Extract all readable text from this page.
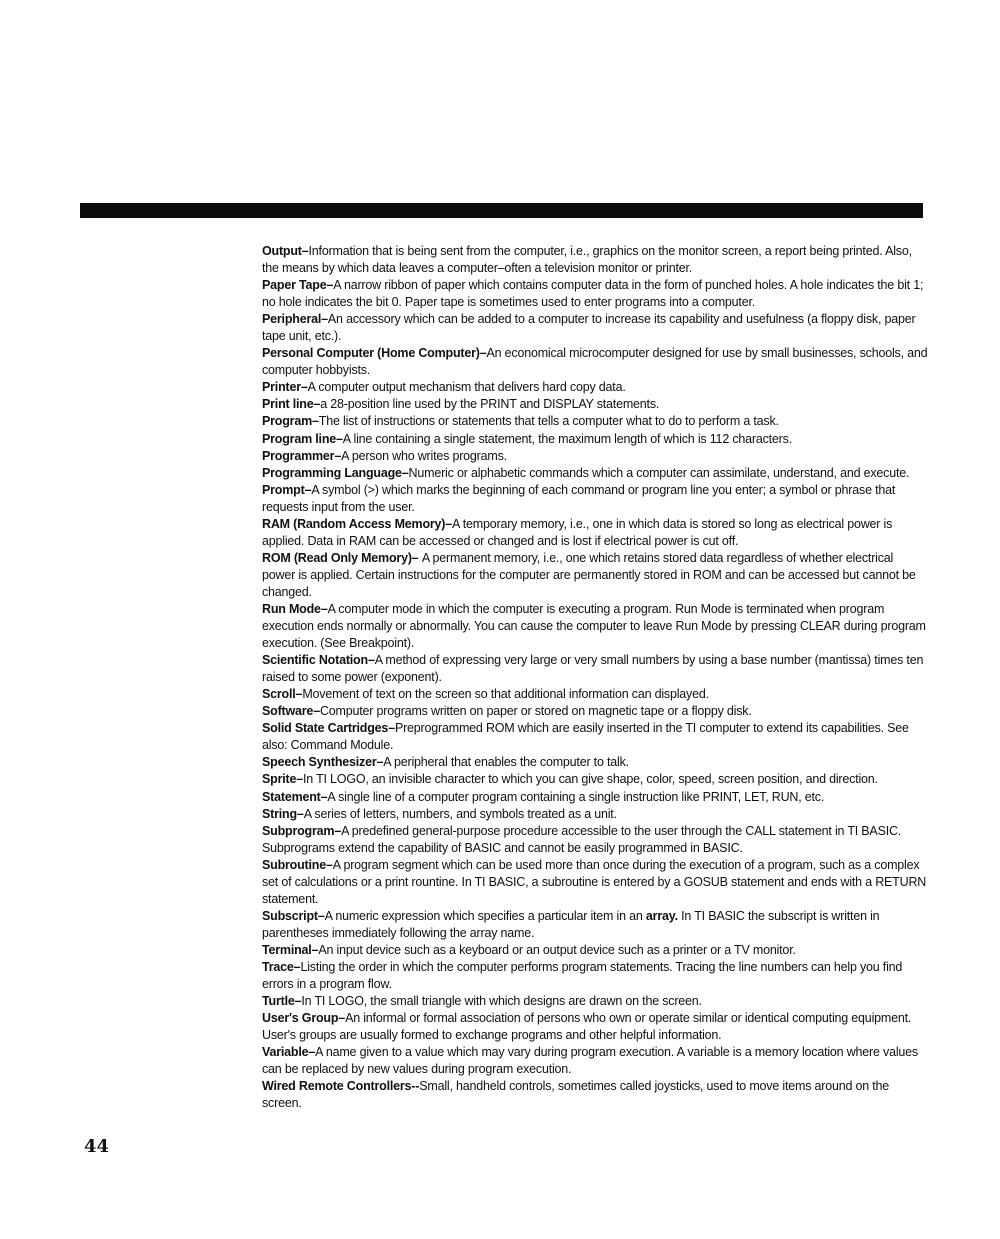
Output–Information that is being sent from the computer, i.e., graphics on the monitor screen, a report being printed. Also, the means by which data leaves a computer–often a television monitor or printer.

Paper Tape–A narrow ribbon of paper which contains computer data in the form of punched holes. A hole indicates the bit 1; no hole indicates the bit 0. Paper tape is sometimes used to enter programs into a computer.

Peripheral–An accessory which can be added to a computer to increase its capability and usefulness (a floppy disk, paper tape unit, etc.).

Personal Computer (Home Computer)–An economical microcomputer designed for use by small businesses, schools, and computer hobbyists.

Printer–A computer output mechanism that delivers hard copy data.

Print line–a 28-position line used by the PRINT and DISPLAY statements.

Program–The list of instructions or statements that tells a computer what to do to perform a task.

Program line–A line containing a single statement, the maximum length of which is 112 characters.

Programmer–A person who writes programs.

Programming Language–Numeric or alphabetic commands which a computer can assimilate, understand, and execute.

Prompt–A symbol (>) which marks the beginning of each command or program line you enter; a symbol or phrase that requests input from the user.

RAM (Random Access Memory)–A temporary memory, i.e., one in which data is stored so long as electrical power is applied. Data in RAM can be accessed or changed and is lost if electrical power is cut off.

ROM (Read Only Memory)– A permanent memory, i.e., one which retains stored data regardless of whether electrical power is applied. Certain instructions for the computer are permanently stored in ROM and can be accessed but cannot be changed.

Run Mode–A computer mode in which the computer is executing a program. Run Mode is terminated when program execution ends normally or abnormally. You can cause the computer to leave Run Mode by pressing CLEAR during program execution. (See Breakpoint).

Scientific Notation–A method of expressing very large or very small numbers by using a base number (mantissa) times ten raised to some power (exponent).

Scroll–Movement of text on the screen so that additional information can displayed.

Software–Computer programs written on paper or stored on magnetic tape or a floppy disk.

Solid State Cartridges–Preprogrammed ROM which are easily inserted in the TI computer to extend its capabilities. See also: Command Module.

Speech Synthesizer–A peripheral that enables the computer to talk.

Sprite–In TI LOGO, an invisible character to which you can give shape, color, speed, screen position, and direction.

Statement–A single line of a computer program containing a single instruction like PRINT, LET, RUN, etc.

String–A series of letters, numbers, and symbols treated as a unit.

Subprogram–A predefined general-purpose procedure accessible to the user through the CALL statement in TI BASIC. Subprograms extend the capability of BASIC and cannot be easily programmed in BASIC.

Subroutine–A program segment which can be used more than once during the execution of a program, such as a complex set of calculations or a print rountine. In TI BASIC, a subroutine is entered by a GOSUB statement and ends with a RETURN statement.

Subscript–A numeric expression which specifies a particular item in an array. In TI BASIC the subscript is written in parentheses immediately following the array name.

Terminal–An input device such as a keyboard or an output device such as a printer or a TV monitor.

Trace–Listing the order in which the computer performs program statements. Tracing the line numbers can help you find errors in a program flow.

Turtle–In TI LOGO, the small triangle with which designs are drawn on the screen.

User's Group–An informal or formal association of persons who own or operate similar or identical computing equipment. User's groups are usually formed to exchange programs and other helpful information.

Variable–A name given to a value which may vary during program execution. A variable is a memory location where values can be replaced by new values during program execution.

Wired Remote Controllers--Small, handheld controls, sometimes called joysticks, used to move items around on the screen.

44
